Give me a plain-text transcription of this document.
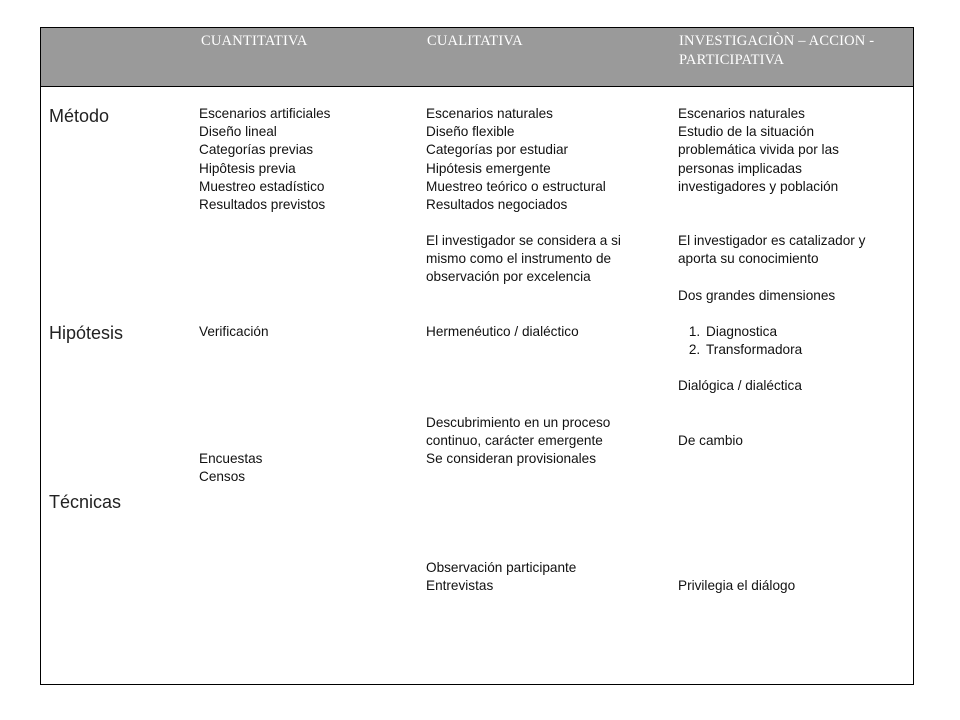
CUANTITATIVA	CUALITATIVA	INVESTIGACIÒN – ACCION -
PARTICIPATIVA
Método
Hipótesis
Técnicas
Escenarios artificiales
Diseño lineal
Categorías previas
Hipôtesis previa
Muestreo estadístico
Resultados previstos
Verificación
Encuestas
Censos
Escenarios naturales
Diseño flexible
Categorías por estudiar
Hipótesis emergente
Muestreo teórico o estructural
Resultados negociados
El investigador se considera a si
mismo como el instrumento de
observación por excelencia
Hermenéutico / dialéctico
Descubrimiento en un proceso
continuo, carácter emergente
Se consideran provisionales
Observación participante
Entrevistas
Escenarios naturales
Estudio de la situación
problemática vivida por las
personas implicadas
investigadores y población
El investigador es catalizador y
aporta su conocimiento
Dos grandes dimensiones
1. Diagnostica
2. Transformadora
Dialógica / dialéctica
De cambio
Privilegia el diálogo
